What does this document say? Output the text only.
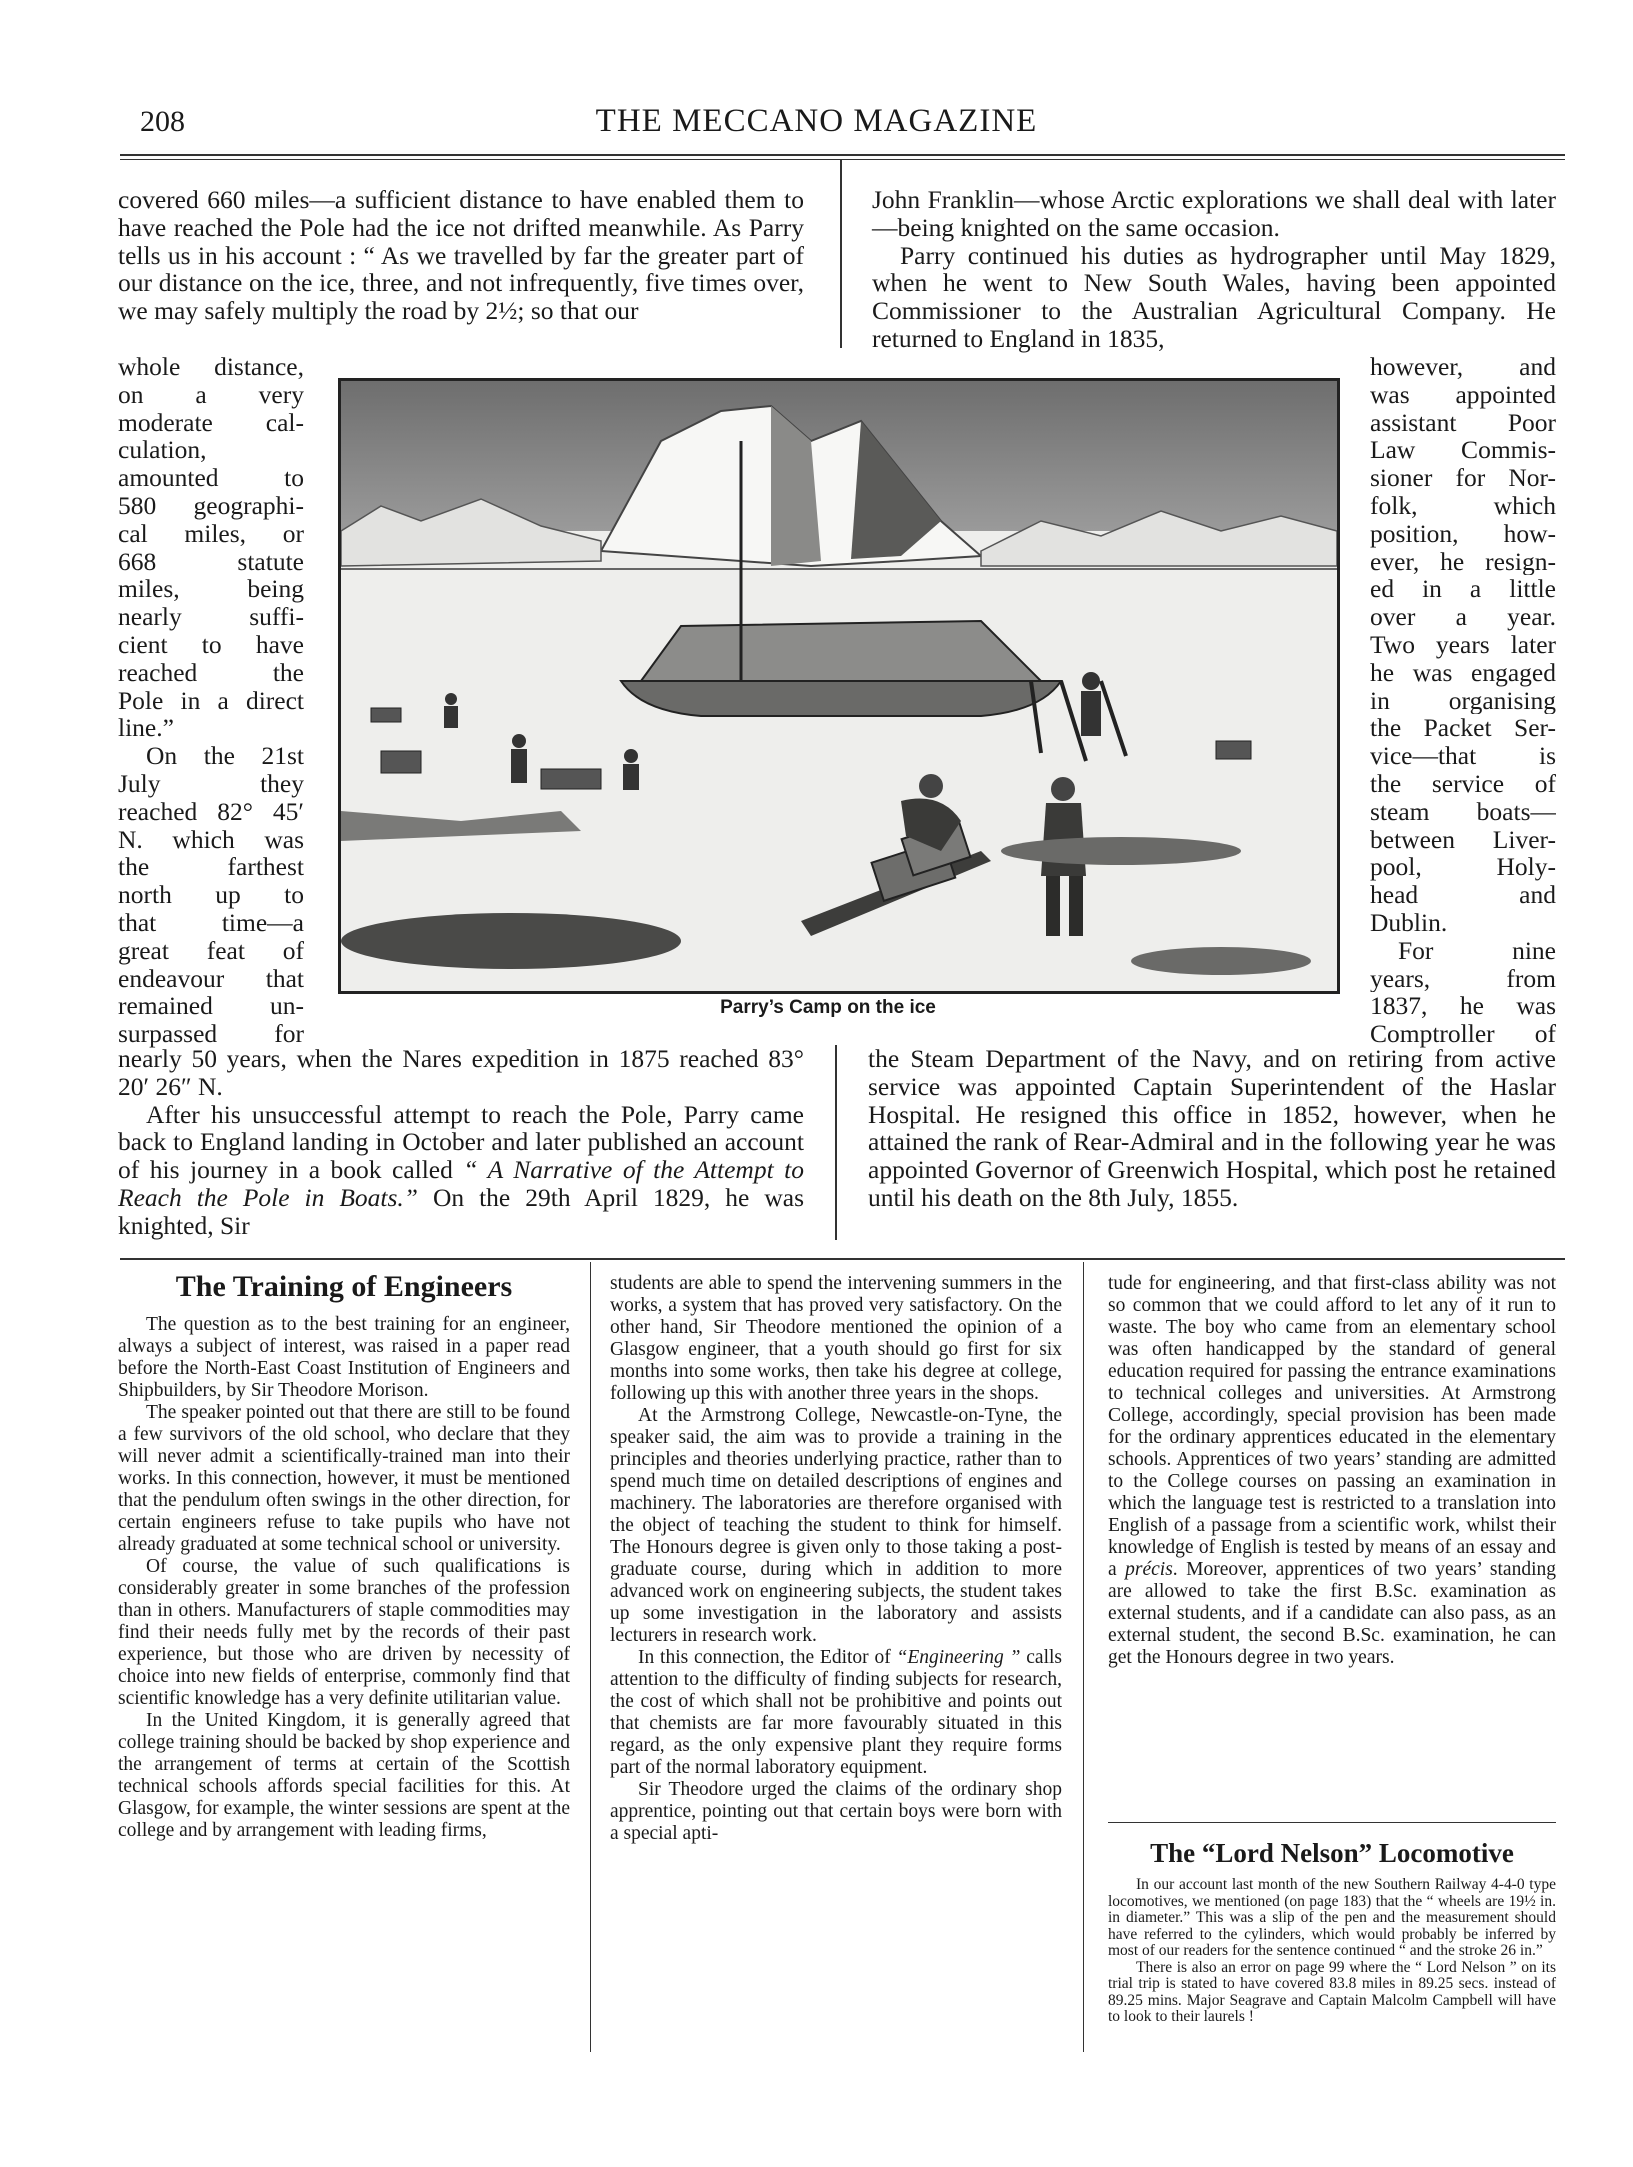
208	THE MECCANO MAGAZINE

covered 660 miles—a sufficient distance to have enabled them to have reached the Pole had the ice not drifted meanwhile. As Parry tells us in his account : “ As we travelled by far the greater part of our distance on the ice, three, and not infrequently, five times over, we may safely multiply the road by 2½; so that our

John Franklin—whose Arctic explorations we shall deal with later—being knighted on the same occasion.

Parry continued his duties as hydrographer until May 1829, when he went to New South Wales, having been appointed Commissioner to the Australian Agricultural Company. He returned to England in 1835,

whole distance,
on a very
moderate cal-
culation,
amounted to
580 geographi-
cal miles, or
668 statute
miles, being
nearly suffi-
cient to have
reached the
Pole in a direct
line.”
On the 21st
July they
reached 82° 45′
N. which was
the farthest
north up to
that time—a
great feat of
endeavour that
remained un-
surpassed for
however, and
was appointed
assistant Poor
Law Commis-
sioner for Nor-
folk, which
position, how-
ever, he resign-
ed in a little
over a year.
Two years later
he was engaged
in organising
the Packet Ser-
vice—that is
the service of
steam boats—
between Liver-
pool, Holy-
head and
Dublin.
For nine
years, from
1837, he was
Comptroller of
Parry’s Camp on the ice

nearly 50 years, when the Nares expedition in 1875 reached 83° 20′ 26″ N.

After his unsuccessful attempt to reach the Pole, Parry came back to England landing in October and later published an account of his journey in a book called “ A Narrative of the Attempt to Reach the Pole in Boats.” On the 29th April 1829, he was knighted, Sir

the Steam Department of the Navy, and on retiring from active service was appointed Captain Superintendent of the Haslar Hospital. He resigned this office in 1852, however, when he attained the rank of Rear-Admiral and in the following year he was appointed Governor of Greenwich Hospital, which post he retained until his death on the 8th July, 1855.

The Training of Engineers

The question as to the best training for an engineer, always a subject of interest, was raised in a paper read before the North-East Coast Institution of Engineers and Shipbuilders, by Sir Theodore Morison.

The speaker pointed out that there are still to be found a few survivors of the old school, who declare that they will never admit a scientifically-trained man into their works. In this connection, however, it must be mentioned that the pendulum often swings in the other direction, for certain engineers refuse to take pupils who have not already graduated at some technical school or university.

Of course, the value of such qualifications is considerably greater in some branches of the profession than in others. Manufacturers of staple commodities may find their needs fully met by the records of their past experience, but those who are driven by necessity of choice into new fields of enterprise, commonly find that scientific knowledge has a very definite utilitarian value.

In the United Kingdom, it is generally agreed that college training should be backed by shop experience and the arrangement of terms at certain of the Scottish technical schools affords special facilities for this. At Glasgow, for example, the winter sessions are spent at the college and by arrangement with leading firms,

students are able to spend the intervening summers in the works, a system that has proved very satisfactory. On the other hand, Sir Theodore mentioned the opinion of a Glasgow engineer, that a youth should go first for six months into some works, then take his degree at college, following up this with another three years in the shops.

At the Armstrong College, Newcastle-on-Tyne, the speaker said, the aim was to provide a training in the principles and theories underlying practice, rather than to spend much time on detailed descriptions of engines and machinery. The laboratories are therefore organised with the object of teaching the student to think for himself. The Honours degree is given only to those taking a post-graduate course, during which in addition to more advanced work on engineering subjects, the student takes up some investigation in the laboratory and assists lecturers in research work.

In this connection, the Editor of “Engineering ” calls attention to the difficulty of finding subjects for research, the cost of which shall not be prohibitive and points out that chemists are far more favourably situated in this regard, as the only expensive plant they require forms part of the normal laboratory equipment.

Sir Theodore urged the claims of the ordinary shop apprentice, pointing out that certain boys were born with a special apti-

tude for engineering, and that first-class ability was not so common that we could afford to let any of it run to waste. The boy who came from an elementary school was often handicapped by the standard of general education required for passing the entrance examinations to technical colleges and universities. At Armstrong College, accordingly, special provision has been made for the ordinary apprentices educated in the elementary schools. Apprentices of two years’ standing are admitted to the College courses on passing an examination in which the language test is restricted to a translation into English of a passage from a scientific work, whilst their knowledge of English is tested by means of an essay and a précis. Moreover, apprentices of two years’ standing are allowed to take the first B.Sc. examination as external students, and if a candidate can also pass, as an external student, the second B.Sc. examination, he can get the Honours degree in two years.

The “Lord Nelson” Locomotive

In our account last month of the new Southern Railway 4-4-0 type locomotives, we mentioned (on page 183) that the “ wheels are 19½ in. in diameter.” This was a slip of the pen and the measurement should have referred to the cylinders, which would probably be inferred by most of our readers for the sentence continued “ and the stroke 26 in.”

There is also an error on page 99 where the “ Lord Nelson ” on its trial trip is stated to have covered 83.8 miles in 89.25 secs. instead of 89.25 mins. Major Seagrave and Captain Malcolm Campbell will have to look to their laurels !
